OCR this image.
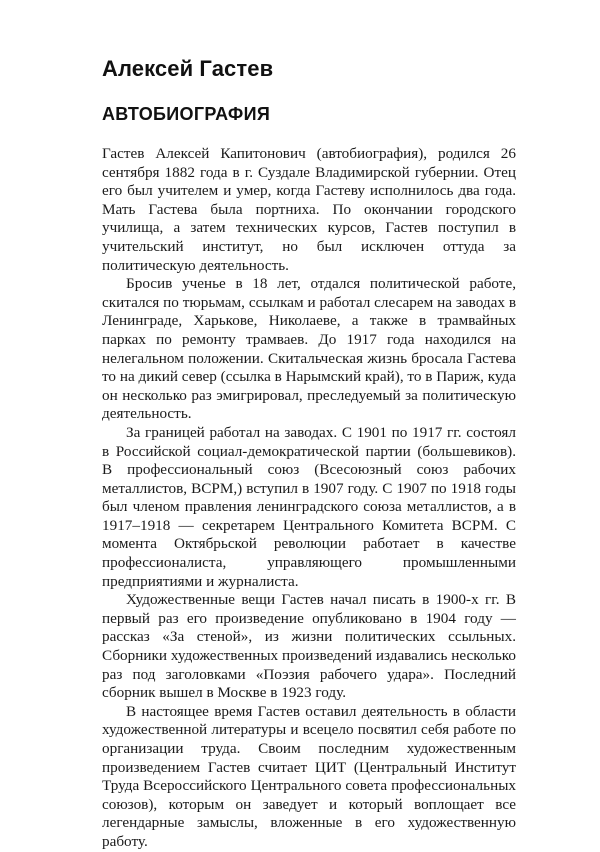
Алексей Гастев
АВТОБИОГРАФИЯ

Гастев Алексей Капитонович (автобиография), родился 26 сентября 1882 года в г. Суздале Владимирской губернии. Отец его был учителем и умер, когда Гастеву исполнилось два года. Мать Гастева была портниха. По окончании городского училища, а затем технических курсов, Гастев поступил в учительский институт, но был исключен оттуда за политическую деятельность.

Бросив ученье в 18 лет, отдался политической работе, скитался по тюрьмам, ссылкам и работал слесарем на заводах в Ленинграде, Харькове, Николаеве, а также в трамвайных парках по ремонту трамваев. До 1917 года находился на нелегальном положении. Скитальческая жизнь бросала Гастева то на дикий север (ссылка в Нарымский край), то в Париж, куда он несколько раз эмигрировал, преследуемый за политическую деятельность.

За границей работал на заводах. С 1901 по 1917 гг. состоял в Российской социал-демократической партии (большевиков). В профессиональный союз (Всесоюзный союз рабочих металлистов, ВСРМ,) вступил в 1907 году. С 1907 по 1918 годы был членом правления ленинградского союза металлистов, а в 1917–1918 — секретарем Центрального Комитета ВСРМ. С момента Октябрьской революции работает в качестве профессионалиста, управляющего промышленными предприятиями и журналиста.

Художественные вещи Гастев начал писать в 1900-х гг. В первый раз его произведение опубликовано в 1904 году — рассказ «За стеной», из жизни политических ссыльных. Сборники художественных произведений издавались несколько раз под заголовками «Поэзия рабочего удара». Последний сборник вышел в Москве в 1923 году.

В настоящее время Гастев оставил деятельность в области художественной литературы и всецело посвятил себя работе по организации труда. Своим последним художественным произведением Гастев считает ЦИТ (Центральный Институт Труда Всероссийского Центрального совета профессиональных союзов), которым он заведует и который воплощает все легендарные замыслы, вложенные в его художественную работу.
